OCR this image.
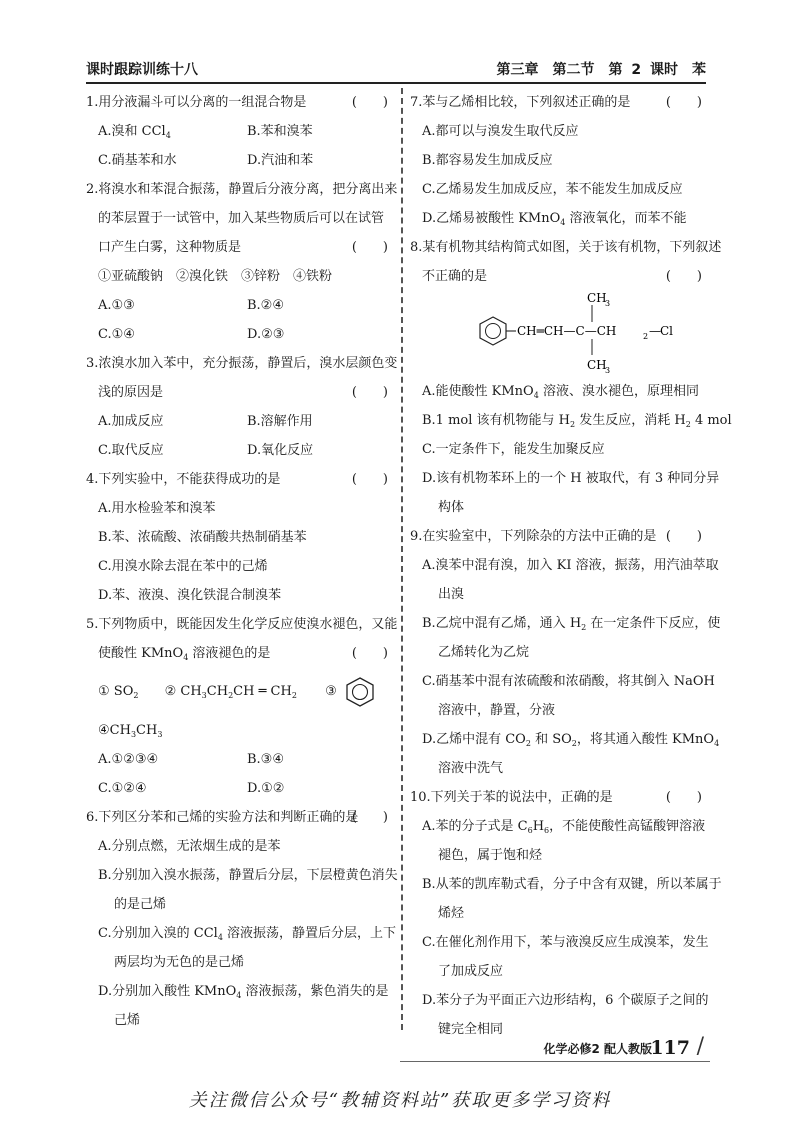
课时跟踪训练十八	第三章　第二节　第 2 课时　苯
1.用分液漏斗可以分离的一组混合物是	(　　)
A.溴和 CCl$_4$	B.苯和溴苯
C.硝基苯和水	D.汽油和苯
2.将溴水和苯混合振荡，静置后分液分离，把分离出来
的苯层置于一试管中，加入某些物质后可以在试管
口产生白雾，这种物质是	(　　)
①亚硫酸钠　②溴化铁　③锌粉　④铁粉
A.①③	B.②④
C.①④	D.②③
3.浓溴水加入苯中，充分振荡，静置后，溴水层颜色变
浅的原因是	(　　)
A.加成反应	B.溶解作用
C.取代反应	D.氧化反应
4.下列实验中，不能获得成功的是	(　　)
A.用水检验苯和溴苯
B.苯、浓硫酸、浓硝酸共热制硝基苯
C.用溴水除去混在苯中的己烯
D.苯、液溴、溴化铁混合制溴苯
5.下列物质中，既能因发生化学反应使溴水褪色，又能
使酸性 KMnO$_4$ 溶液褪色的是	(　　)
① $SO_2$ ② $CH_3CH_2CH$ ═ $CH_2$ ③
$④CH_3CH_3$
A.①②③④	B.③④
C.①②④	D.①②
6.下列区分苯和己烯的实验方法和判断正确的是
(　　)
A.分别点燃，无浓烟生成的是苯
B.分别加入溴水振荡，静置后分层，下层橙黄色消失
的是己烯
C.分别加入溴的 CCl$_4$ 溶液振荡，静置后分层，上下
两层均为无色的是己烯
D.分别加入酸性 KMnO$_4$ 溶液振荡，紫色消失的是
己烯
7.苯与乙烯相比较，下列叙述正确的是	(　　)
A.都可以与溴发生取代反应
B.都容易发生加成反应
C.乙烯易发生加成反应，苯不能发生加成反应
D.乙烯易被酸性 KMnO$_4$ 溶液氧化，而苯不能
8.某有机物其结构简式如图，关于该有机物，下列叙述
不正确的是	(　　)
CH═CH—C—CH	2 — Cl
CH
3
CH
3
A.能使酸性 KMnO$_4$ 溶液、溴水褪色，原理相同
B.1 mol 该有机物能与 $H_2$ 发生反应，消耗 $H_2$ 4 mol
C.一定条件下，能发生加聚反应
D.该有机物苯环上的一个 H 被取代，有 3 种同分异
构体
9.在实验室中，下列除杂的方法中正确的是 (　　)
A.溴苯中混有溴，加入 KI 溶液，振荡，用汽油萃取
出溴
B.乙烷中混有乙烯，通入 $H_2$ 在一定条件下反应，使
乙烯转化为乙烷
C.硝基苯中混有浓硫酸和浓硝酸，将其倒入 NaOH
溶液中，静置，分液
D.乙烯中混有 $CO_2$ 和 $SO_2$，将其通入酸性 KMnO$_4$
溶液中洗气
10.下列关于苯的说法中，正确的是	(　　)
A.苯的分子式是 $C_6H_6$，不能使酸性高锰酸钾溶液
褪色，属于饱和烃
B.从苯的凯库勒式看，分子中含有双键，所以苯属于
烯烃
C.在催化剂作用下，苯与液溴反应生成溴苯，发生
了加成反应
D.苯分子为平面正六边形结构，6 个碳原子之间的
键完全相同
化学必修2 配人教版
117 /
关注微信公众号“教辅资料站”获取更多学习资料
